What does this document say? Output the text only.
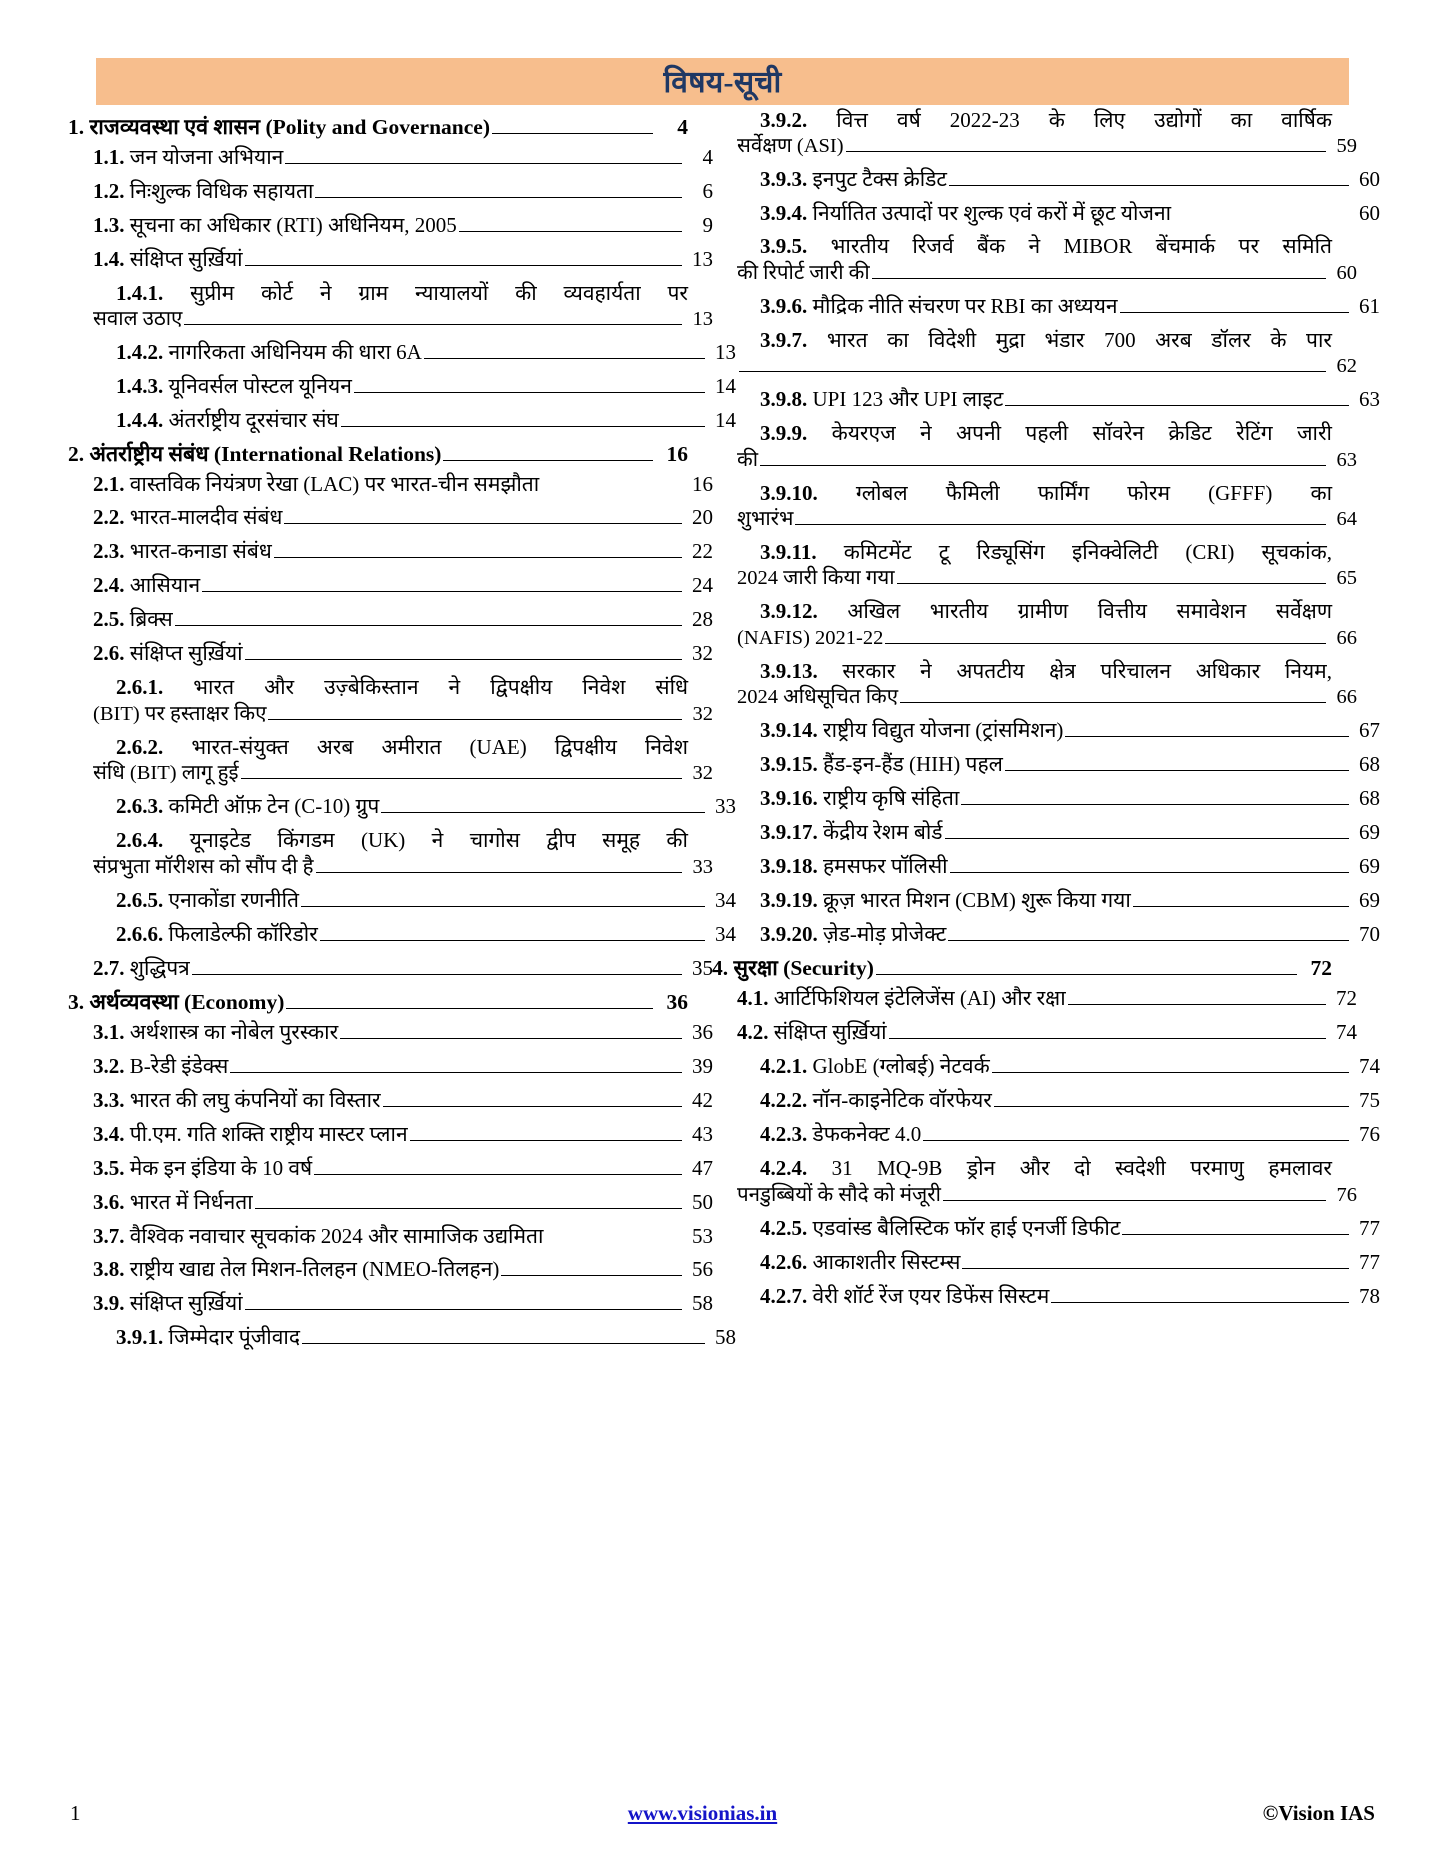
विषय-सूची
1. राजव्यवस्था एवं शासन (Polity and Governance)	4
1.1. जन योजना अभियान	4
1.2. निःशुल्क विधिक सहायता	6
1.3. सूचना का अधिकार (RTI) अधिनियम, 2005	9
1.4. संक्षिप्त सुर्ख़ियां	13
1.4.1. सुप्रीम कोर्ट ने ग्राम न्यायालयों की व्यवहार्यता पर
सवाल उठाए	13
1.4.2. नागरिकता अधिनियम की धारा 6A	13
1.4.3. यूनिवर्सल पोस्टल यूनियन	14
1.4.4. अंतर्राष्ट्रीय दूरसंचार संघ	14
2. अंतर्राष्ट्रीय संबंध (International Relations)	16
2.1. वास्तविक नियंत्रण रेखा (LAC) पर भारत-चीन समझौता	16
2.2. भारत-मालदीव संबंध	20
2.3. भारत-कनाडा संबंध	22
2.4. आसियान	24
2.5. ब्रिक्स	28
2.6. संक्षिप्त सुर्ख़ियां	32
2.6.1. भारत और उज़्बेकिस्तान ने द्विपक्षीय निवेश संधि
(BIT) पर हस्ताक्षर किए	32
2.6.2. भारत-संयुक्त अरब अमीरात (UAE) द्विपक्षीय निवेश
संधि (BIT) लागू हुई	32
2.6.3. कमिटी ऑफ़ टेन (C-10) ग्रुप	33
2.6.4. यूनाइटेड किंगडम (UK) ने चागोस द्वीप समूह की
संप्रभुता मॉरीशस को सौंप दी है	33
2.6.5. एनाकोंडा रणनीति	34
2.6.6. फिलाडेल्फी कॉरिडोर	34
2.7. शुद्धिपत्र	35
3. अर्थव्यवस्था (Economy)	36
3.1. अर्थशास्त्र का नोबेल पुरस्कार	36
3.2. B-रेडी इंडेक्स	39
3.3. भारत की लघु कंपनियों का विस्तार	42
3.4. पी.एम. गति शक्ति राष्ट्रीय मास्टर प्लान	43
3.5. मेक इन इंडिया के 10 वर्ष	47
3.6. भारत में निर्धनता	50
3.7. वैश्विक नवाचार सूचकांक 2024 और सामाजिक उद्यमिता	53
3.8. राष्ट्रीय खाद्य तेल मिशन-तिलहन (NMEO-तिलहन)	56
3.9. संक्षिप्त सुर्ख़ियां	58
3.9.1. जिम्मेदार पूंजीवाद	58
3.9.2. वित्त वर्ष 2022-23 के लिए उद्योगों का वार्षिक
सर्वेक्षण (ASI)	59
3.9.3. इनपुट टैक्स क्रेडिट	60
3.9.4. निर्यातित उत्पादों पर शुल्क एवं करों में छूट योजना	60
3.9.5. भारतीय रिजर्व बैंक ने MIBOR बेंचमार्क पर समिति
की रिपोर्ट जारी की	60
3.9.6. मौद्रिक नीति संचरण पर RBI का अध्ययन	61
3.9.7. भारत का विदेशी मुद्रा भंडार 700 अरब डॉलर के पार
62
3.9.8. UPI 123 और UPI लाइट	63
3.9.9. केयरएज ने अपनी पहली सॉवरेन क्रेडिट रेटिंग जारी
की	63
3.9.10. ग्लोबल फैमिली फार्मिंग फोरम (GFFF) का
शुभारंभ	64
3.9.11. कमिटमेंट टू रिड्यूसिंग इनिक्वेलिटी (CRI) सूचकांक,
2024 जारी किया गया	65
3.9.12. अखिल भारतीय ग्रामीण वित्तीय समावेशन सर्वेक्षण
(NAFIS) 2021-22	66
3.9.13. सरकार ने अपतटीय क्षेत्र परिचालन अधिकार नियम,
2024 अधिसूचित किए	66
3.9.14. राष्ट्रीय विद्युत योजना (ट्रांसमिशन)	67
3.9.15. हैंड-इन-हैंड (HIH) पहल	68
3.9.16. राष्ट्रीय कृषि संहिता	68
3.9.17. केंद्रीय रेशम बोर्ड	69
3.9.18. हमसफर पॉलिसी	69
3.9.19. क्रूज़ भारत मिशन (CBM) शुरू किया गया	69
3.9.20. ज़ेड-मोड़ प्रोजेक्ट	70
4. सुरक्षा (Security)	72
4.1. आर्टिफिशियल इंटेलिजेंस (AI) और रक्षा	72
4.2. संक्षिप्त सुर्ख़ियां	74
4.2.1. GlobE (ग्लोबई) नेटवर्क	74
4.2.2. नॉन-काइनेटिक वॉरफेयर	75
4.2.3. डेफकनेक्ट 4.0	76
4.2.4. 31 MQ-9B ड्रोन और दो स्वदेशी परमाणु हमलावर
पनडुब्बियों के सौदे को मंजूरी	76
4.2.5. एडवांस्ड बैलिस्टिक फॉर हाई एनर्जी डिफीट	77
4.2.6. आकाशतीर सिस्टम्स	77
4.2.7. वेरी शॉर्ट रेंज एयर डिफेंस सिस्टम	78
1	www.visionias.in	©Vision IAS
